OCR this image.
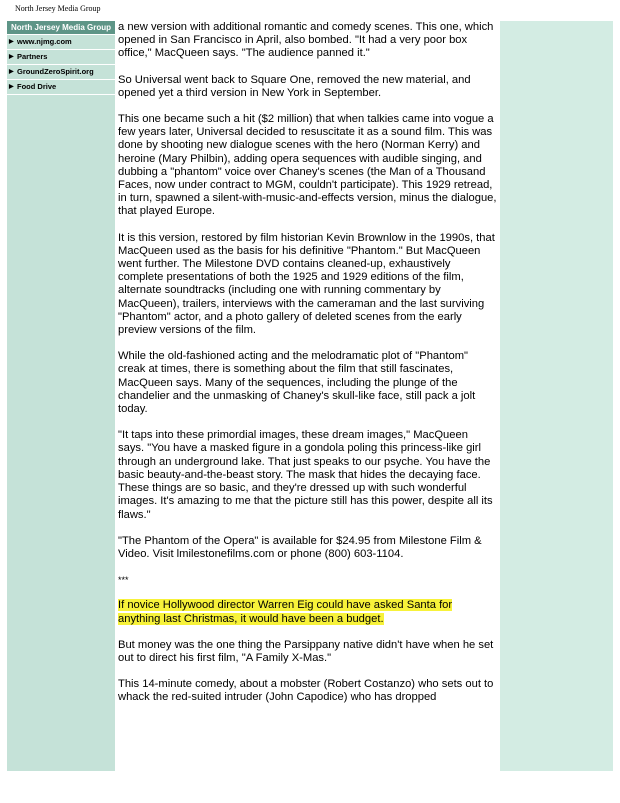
North Jersey Media Group
North Jersey Media Group
▶ www.njmg.com
▶ Partners
▶ GroundZeroSpirit.org
▶ Food Drive

a new version with additional romantic and comedy scenes. This one, which opened in San Francisco in April, also bombed. "It had a very poor box office," MacQueen says. "The audience panned it."

So Universal went back to Square One, removed the new material, and opened yet a third version in New York in September.

This one became such a hit ($2 million) that when talkies came into vogue a few years later, Universal decided to resuscitate it as a sound film. This was done by shooting new dialogue scenes with the hero (Norman Kerry) and heroine (Mary Philbin), adding opera sequences with audible singing, and dubbing a "phantom" voice over Chaney's scenes (the Man of a Thousand Faces, now under contract to MGM, couldn't participate). This 1929 retread, in turn, spawned a silent-with-music-and-effects version, minus the dialogue, that played Europe.

It is this version, restored by film historian Kevin Brownlow in the 1990s, that MacQueen used as the basis for his definitive "Phantom." But MacQueen went further. The Milestone DVD contains cleaned-up, exhaustively complete presentations of both the 1925 and 1929 editions of the film, alternate soundtracks (including one with running commentary by MacQueen), trailers, interviews with the cameraman and the last surviving "Phantom" actor, and a photo gallery of deleted scenes from the early preview versions of the film.

While the old-fashioned acting and the melodramatic plot of "Phantom" creak at times, there is something about the film that still fascinates, MacQueen says. Many of the sequences, including the plunge of the chandelier and the unmasking of Chaney's skull-like face, still pack a jolt today.

"It taps into these primordial images, these dream images," MacQueen says. "You have a masked figure in a gondola poling this princess-like girl through an underground lake. That just speaks to our psyche. You have the basic beauty-and-the-beast story. The mask that hides the decaying face. These things are so basic, and they're dressed up with such wonderful images. It's amazing to me that the picture still has this power, despite all its flaws."

"The Phantom of the Opera" is available for $24.95 from Milestone Film & Video. Visit lmilestonefilms.com or phone (800) 603-1104.

***

If novice Hollywood director Warren Eig could have asked Santa for anything last Christmas, it would have been a budget.

But money was the one thing the Parsippany native didn't have when he set out to direct his first film, "A Family X-Mas."

This 14-minute comedy, about a mobster (Robert Costanzo) who sets out to whack the red-suited intruder (John Capodice) who has dropped
